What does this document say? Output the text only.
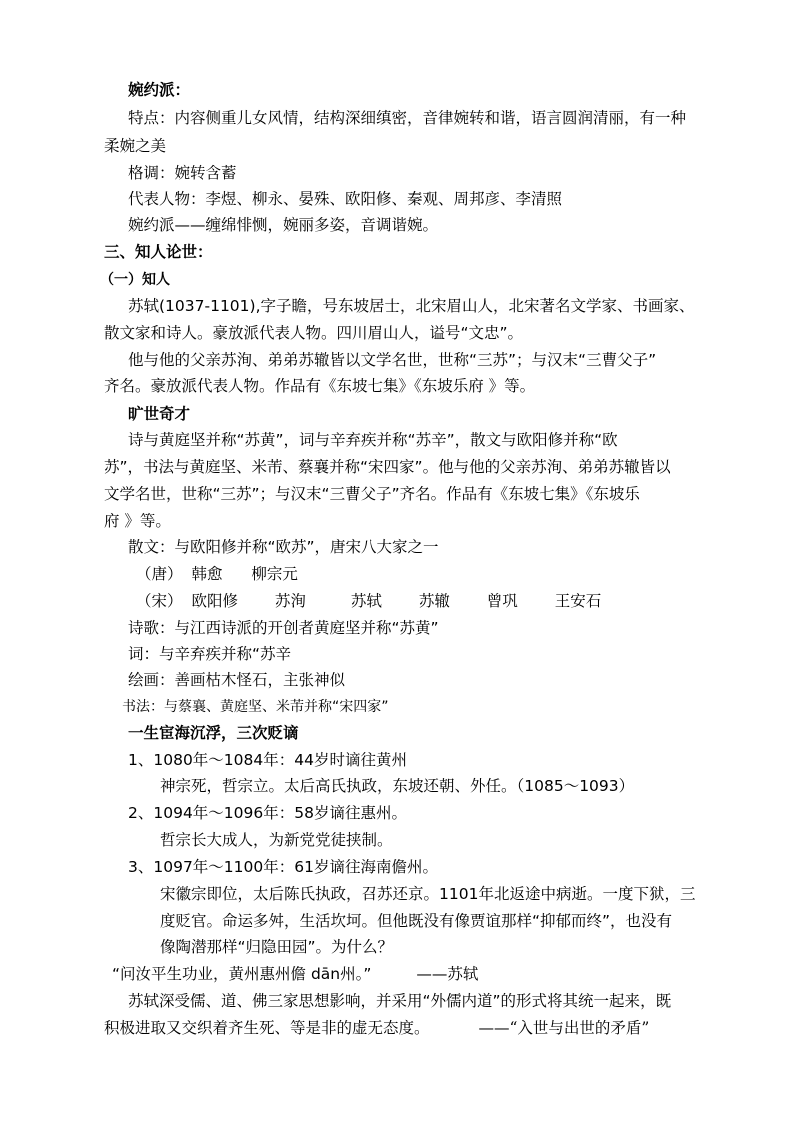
婉约派：
特点：内容侧重儿女风情，结构深细缜密，音律婉转和谐，语言圆润清丽，有一种
柔婉之美
格调：婉转含蓄
代表人物：李煜、柳永、晏殊、欧阳修、秦观、周邦彦、李清照
婉约派——缠绵悱恻，婉丽多姿，音调谐婉。
三、知人论世：
（一）知人
苏轼(1037-1101),字子瞻，号东坡居士，北宋眉山人，北宋著名文学家、书画家、
散文家和诗人。豪放派代表人物。四川眉山人，谥号“文忠”。
他与他的父亲苏洵、弟弟苏辙皆以文学名世，世称“三苏”；与汉末“三曹父子”
齐名。豪放派代表人物。作品有《东坡七集》《东坡乐府 》等。
旷世奇才
诗与黄庭坚并称“苏黄”，词与辛弃疾并称“苏辛”，散文与欧阳修并称“欧
苏”，书法与黄庭坚、米芾、蔡襄并称“宋四家”。他与他的父亲苏洵、弟弟苏辙皆以
文学名世，世称“三苏”；与汉末“三曹父子”齐名。作品有《东坡七集》《东坡乐
府 》等。
散文：与欧阳修并称“欧苏”，唐宋八大家之一
（唐） 韩愈 柳宗元
（宋） 欧阳修 苏洵	苏轼 苏辙 曾巩 王安石
诗歌：与江西诗派的开创者黄庭坚并称“苏黄”
词：与辛弃疾并称“苏辛
绘画：善画枯木怪石，主张神似
书法：与蔡襄、黄庭坚、米芾并称“宋四家”
一生宦海沉浮，三次贬谪
1、1080年～1084年：44岁时谪往黄州
神宗死，哲宗立。太后高氏执政，东坡还朝、外任。（1085～1093）
2、1094年～1096年：58岁谪往惠州。
哲宗长大成人，为新党党徒挟制。
3、1097年～1100年：61岁谪往海南儋州。
宋徽宗即位，太后陈氏执政，召苏还京。1101年北返途中病逝。一度下狱，三
度贬官。命运多舛，生活坎坷。但他既没有像贾谊那样“抑郁而终”，也没有
像陶潜那样“归隐田园”。为什么？
“问汝平生功业，黄州惠州儋 dān州。”	——苏轼
苏轼深受儒、道、佛三家思想影响，并采用“外儒内道”的形式将其统一起来，既
积极进取又交织着齐生死、等是非的虚无态度。	——“入世与出世的矛盾”
